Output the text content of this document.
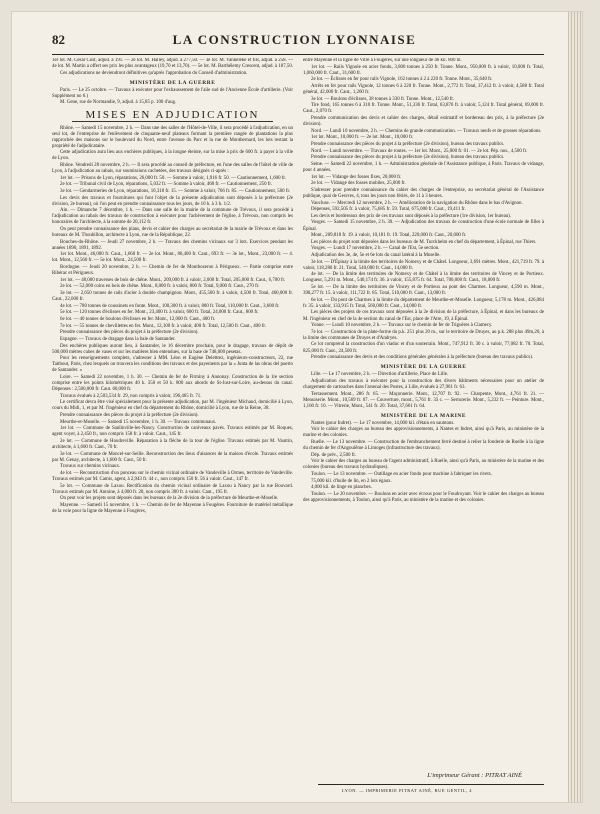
82	LA CONSTRUCTION LYONNAISE

1er lot. M. César Cost, adjud. à 191. — 2e lot. M. Halley, adjud. à 277,50. — 3e lot. M. Vankeleke et fils, adjud. à 258. — 4e lot. M. Martin a offert ses prix les plus avantageux (19,70 et 13,70). — 5e lot. M. Barthélemy Crescent, adjud. à 107,50.

Ces adjudications ne deviendront définitives qu'après l'approbation du Conseil d'administration.

MINISTÈRE DE LA GUERRE

Paris. — Le 25 octobre. — Travaux à exécuter pour l'exhaussement de l'aile sud de l'Ancienne École d'artillerie. (Voir Supplément no 6.)

M. Gene, rue de Normandie, 9, adjud. à 15,85 p. 100 d'aug.

MISES EN ADJUDICATION

Rhône. — Samedi 15 novembre, 2 h. — Dans une des salles de l'Hôtel-de-Ville, il sera procédé à l'adjudication, en un seul lot, de l'entreprise de l'enlèvement de cinquante-neuf plateaux formant la première rangée de plantations la plus rapprochée des maisons sur le boulevard du Nord, entre l'avenue du Parc et la rue de Montbernard, les lots restant la propriété de l'adjudicataire.

Cette adjudication aura lieu aux enchères publiques, à la longue éteinte, sur la mise à prix de 600 fr. à payer à la ville de Lyon.

Rhône. Vendredi 28 novembre, 2 h. — Il sera procédé au conseil de préfecture, en l'une des salles de l'hôtel de ville de Lyon, à l'adjudication au rabais, sur soumissions cachetées, des travaux désignés ci-après :

1er lot. — Prisons de Lyon, réparations, 26,000 fr. 50. — Somme à valoir, 1,916 fr. 50. — Cautionnement, 1,600 fr.

2e lot. — Tribunal civil de Lyon, réparations, 5,032 fr. — Somme à valoir, 468 fr. — Cautionnement, 250 fr.

3e lot. — Gendarmeries de Lyon, réparations, 10,318 fr. 15. — Somme à valoir, 766 fr. 85. — Cautionnement, 500 fr.

Les devis des travaux et fournitures qui font l'objet de la présente adjudication sont déposés à la préfecture (2e division, 2e bureau), où l'on peut en prendre connaissance tous les jours, de 10 h. à 3 h. 1/2.

Ain. — Dimanche 7 décembre, 1 h. — Dans une salle de la mairie de la commune de Trévoux, il sera procédé à l'adjudication au rabais des travaux de construction à exécuter pour l'achèvement de l'église, à Trévoux, non compris les honoraires de l'architecte, à la somme de 20,112 fr.

On peut prendre connaissance des plans, devis et cahier des charges au secrétariat de la mairie de Trévoux et dans les bureaux de M. Thoubillon, architecte à Lyon, rue de la République, 22.

Bouches-du-Rhône. — Jeudi 27 novembre, 2 h. — Travaux des chemins vicinaux sur 3 lots. Exercices pendant les années 1890, 1891, 1892.

1er lot. Mont., 46,000 fr. Caut., 1,660 fr. — 2e lot. Mont., 80,400 fr. Caut., 693 fr. — 3e lot., Mont., 23,000 fr. — 4. lot. Mont., 12,560 fr. — 5e lot. Mont., 24,500 fr.

Bordogne. — Jeudi 20 novembre, 2 h. — Chemin de fer de Montbozeron à Périgueux. — Partie comprise entre Ribérac et Périgueux.

1er lot. — 48,000 traverses de bois de chêne. Mont., 209,000 fr. à valoir, 2,000 fr. Total, 205,000 fr. Caut., 6,700 fr.

2e lot. — 52,000 coins en bois de chêne. Mont., 8,000 fr. à valoir, 800 fr. Total, 9,000 fr. Caut., 270 fr.

3e lot. — 2,650 tonnes de rails d'acier à double champignon. Mont., 455,500 fr. à valoir, 4,500 fr. Total, 460,000 fr. Caut., 22,000 fr.

4e lot. — 780 tonnes de coussinets en fonte. Mont., 100,300 fr. à valoir, 800 fr. Total, 110,000 fr. Caut., 3,600 fr.

5e lot. — 120 tonnes d'éclisses en fer. Mont., 23,400 fr. à valoir, 600 fr. Total, 24,000 fr. Caut., 800 fr.

6e lot. — 40 tonnes de boulons d'éclisses en fer. Mont., 12,000 fr. Caut., 400 fr.

7e lot. — 55 tonnes de chevillettes en fer. Mont., 12,100 fr. à valoir, 400 fr. Total, 12,500 fr. Caut., 400 fr.

Prendre connaissance des pièces du projet à la préfecture (2e division).

Espagne. — Travaux de dragage dans la baie de Santander.

Des enchères publiques auront lieu, à Santander, le 16 décembre prochain, pour le dragage, travaux de dépôt de 500,000 mètres cubes de vases et sur les matières bien entendues, sur la base de 748,000 pesetas.

Pour les renseignements complets, s'adresser à MM. Léon et Eugène Delettrez, ingénieurs-constructeurs, 22, rue Taitbout, Paris, chez lesquels on trouvera les conditions des travaux et des payements par la « Junta de las obras del puerto de Santander. »

Loire. — Samedi 22 novembre, 1 h. 30. — Chemin de fer de Firminy à Annonay. Construction de la 1re section comprise entre les points kilométriques 40 k. 350 et 50 k. 800 aux abords de St-Just-sur-Loire, au-dessus du canal. Dépenses : 2,500,000 fr. Caut. 60,000 fr.

Travaux évalués à 2,503,534 fr. 29, non compris à valoir, 196,465 fr. 71.

Le certificat devra être visé spécialement pour la présente adjudication, par M. l'ingénieur Michaud, domicilié à Lyon, cours du Midi, 1, et par M. l'ingénieur en chef du département du Rhône, domicilié à Lyon, rue de la Reine, 38.

Prendre connaissance des pièces du projet à la préfecture (2e division).

Meurthe-et-Moselle. — Samedi 15 novembre, 1 h. 30. — Travaux communaux.

1er lot. — Commune de Sanlinville-les-Nancy. Construction de caniveaux pavés. Travaux estimés par M. Roques, agent voyer, à 2,450 fr., non compris 158 fr. à valoir. Caut., 145 fr.

2e lot. — Commune de Houdreville. Réparation à la flèche de la tour de l'église. Travaux estimés par M. Vautrin, architecte, à 1,600 fr. Caut., 70 fr.

3e lot. — Commune de Moncel-sur-Seille. Reconstruction des lieux d'aisances de la maison d'école. Travaux estimés par M. Genay, architecte, à 1,600 fr. Caut., 50 fr.

Travaux sur chemins vicinaux.

4e lot. — Reconstruction d'un ponceau sur le chemin vicinal ordinaire de Vandeville à Ormes, territoire de Vandeville. Travaux estimés par M. Camis, agent, à 2,943 fr. 44 c., non compris 150 fr. 56 à valoir. Caut., 147 fr.

5e lot. — Commune de Laxou. Rectification du chemin vicinal ordinaire de Laxou à Nancy par la rue Bouvard. Travaux estimés par M. Antoine, à 4,000 fr. 20, non compris 300 fr. à valoir. Caut., 195 fr.

On peut voir les projets sont déposés dans les bureaux de la 2e division de la préfecture de Meurthe-et-Moselle.

Mayenne. — Samedi 15 novembre, 1 h. — Chemin de fer de Mayenne à Fougères. Fourniture de matériel métallique de la voie pour la ligne de Mayenne à Fougères,

entre Mayenne et la ligne de Vitré à Fougères, sur une longueur de 46 kil. 800 m.

1er lot. — Rails Vignole en acier fondu, 3,800 tonnes à 250 fr. Tonne. Mont., 950,000 fr. à valoir, 10,000 fr. Total, 1,060,000 fr. Caut., 31,600 fr.

2e lot. — Éclisses en fer pour rails Vignole, 162 tonnes à 2 à 220 fr. Tonne. Mont., 35,640 fr.

Arrêts en fer pour rails Vignole, 12 tonnes 6 à 220 fr. Tonne. Mont., 2,772 fr. Total, 37,412 fr. à valoir, 4,588 fr. Total général, 42,000 fr. Caut., 1,260 fr.

3e lot. — Boulons d'éclisses, 38 tonnes à 330 fr. Tonne. Mont., 12,540 fr.

Tire fond, 165 tonnes 6 à 310 fr. Tonne. Mont., 51,336 fr. Total, 63,876 fr. à valoir, 5,124 fr. Total général, 69,000 fr. Caut., 2,070 fr.

Prendre communication des devis et cahier des charges, détail estimatif et bordereau des prix, à la préfecture (2e division).

Nord. — Lundi 10 novembre, 2 h. — Chemins de grande communication. — Travaux neufs et de grosses réparations.

1er lot. Mont., 10,000 fr. — 2e lot. Mont., 10,000 fr.

Prendre connaissance des pièces du projet à la préfecture (2e division), bureau des travaux publics.

Nord. — Lundi novembre. — Travaux de routes. — 1er lot. Mont., 25,000 fr. 01. — 2e lot. Pép. nos., 4,500 fr.

Prendre connaissance des pièces du projet à la préfecture (2e division), bureau des travaux publics.

Seine. — Samedi 22 novembre, 1 h. — Administration générale de l'Assistance publique, à Paris. Travaux de vidange, pour 4 années.

1er lot. — Vidange des fosses fixes, 20,000 fr.

2e lot. — Vidange des fosses mobiles, 25,000 fr.

S'adresser pour prendre connaissance du cahier des charges de l'entreprise, au secrétariat général de l'Assistance publique, quai de Gesvres, 4, tous les jours non fériés, de 11 à 3 heures.

Vaucluse. — Mercredi 12 novembre, 2 h. — Amélioration de la navigation du Rhône dans le bas d'Avignon.

Dépenses, 592,505 fr. à valoir, 75,685 fr. 59. Total, 675,000 fr. Caut., 19,411 fr.

Les devis et bordereaux des prix de ces travaux sont déposés à la préfecture (1re division, 1er bureau).

Vosges. — Samedi 15 novembre, 2 h. 30. — Adjudication des travaux de construction d'une école normale de filles à Épinal.

Mont., 209,818 fr. 19. à valoir, 10,181 fr. 19. Total, 220,000 fr. Caut., 20,000 fr.

Les pièces du projet sont déposées dans les bureaux de M. Turckheim en chef du département, à Épinal, rue Thiers.

Vosges. — Lundi 17 novembre, 2 h. — Canal de l'Est, 5e section.

Adjudication des 3e, 4e, 5e et 6e lots du canal latéral à la Moselle.

3e lot. — D'Épinay à la limite des territoires de Nomexy et de Châtel. Longueur, 3,691 mètres. Mont., 421,719 fr. 79. à valoir, 118,280 fr. 21. Total, 540,000 fr. Caut., 14,000 fr.

4e lot. — De la limite des territoires de Nomexy et de Châtel à la limite des territoires de Vincey et de Portieux. Longueur, 5,291 m. Mont., 540,174 fr. 36. à valoir, 155,875 fr. 64. Total, 700,000 fr. Caut., 18,000 fr.

5e lot. — De la limite des territoires de Vincey et de Portieux au pont des Charmes. Longueur, 4,590 m. Mont., 398,277 fr. 15. à valoir, 111,722 fr. 85. Total, 510,000 fr. Caut., 13,000 fr.

6e lot. — Du pont de Charmes à la limite du département de Meurthe-et-Moselle. Longueur, 5,178 m. Mont., 426,084 fr. 35. à valoir, 133,915 fr. Total, 560,000 fr. Caut., 14,000 fr.

Les pièces des projets de ces travaux sont déposées à la 2e division de la préfecture, à Épinal, et dans les bureaux de M. l'ingénieur en chef de la 4e section du canal de l'Est, place de l'Atre, 19, à Épinal.

Yonne. — Lundi 10 novembre, 2 h. — Travaux sur le chemin de fer de Triguères à Clamecy.

7e lot. — Construction de la plate-forme du p.k. 251 plus 20 m., sur le territoire de Druyes, au p.k. 288 plus 49m,20, à la limite des communes de Druyes et d'Andryes.

Ce lot comprend la construction d'un viaduc et d'un souterrain. Mont., 747,912 fr. 30 c. à valoir, 77,082 fr. 70. Total, 825,000 fr. Caut., 24,500 fr.

Prendre connaissance des devis et des conditions générales générales à la préfecture (bureau des travaux publics).

MINISTÈRE DE LA GUERRE

Lille. — Le 17 novembre, 2 h. — Direction d'artillerie, Place de Lille.

Adjudication des travaux à exécuter pour la construction des divers bâtiments nécessaires pour un atelier de chargement de cartouches dans l'arsenal des Postes, à Lille, évalués à 27,961 fr. 63.

Terrassement. Mont., 286 fr. 65. — Maçonnerie. Mont., 12,707 fr. 92. — Charpente, Mont., 4,761 fr. 21. — Menuiserie. Mont., 10,569 fr. 07. — Couverture, mont., 5,761 fr. 33 c. — Serrurerie. Mont., 5,232 fr. — Peinture. Mont., 1,160 fr. 10. — Vitrerie, Mont., 541 fr. 20. Total, 37,661 fr. 64.

MINISTÈRE DE LA MARINE

Nantes (pour Indret). — Le 17 novembre, 14,000 kil. d'étain en saumons.

Voir le cahier des charges au bureau des approvisionnements, à Nantes et Indret, ainsi qu'à Paris, au ministère de la marine et des colonies.

Ruelle. — Le 13 novembre. — Construction de l'embranchement ferré destiné à relier la fonderie de Ruelle à la ligne du chemin de fer d'Angoulême à Limoges (infrastructure des travaux).

Dép. de prév., 2,500 fr.

Voir le cahier des charges au bureau de l'agent administratif, à Ruelle, ainsi qu'à Paris, au ministère de la marine et des colonies (bureau des travaux hydrauliques).

Toulon. — Le 13 novembre. — Outillage en acier fondu pour machine à fabriquer les rivets.

75,000 kil. d'huile de lin, en 2 lots égaux.

4,000 kil. de linge en planches.

Toulon. — Le 20 novembre. — Boulons en acier avec écrous pour le Foudroyant. Voir le cahier des charges au bureau des approvisionnements, à Toulon, ainsi qu'à Paris, au ministère de la marine et des colonies.

L'imprimeur Gérant : PITRAT AINÉ
LYON. — IMPRIMERIE PITRAT AINÉ, RUE GENTIL, 4
